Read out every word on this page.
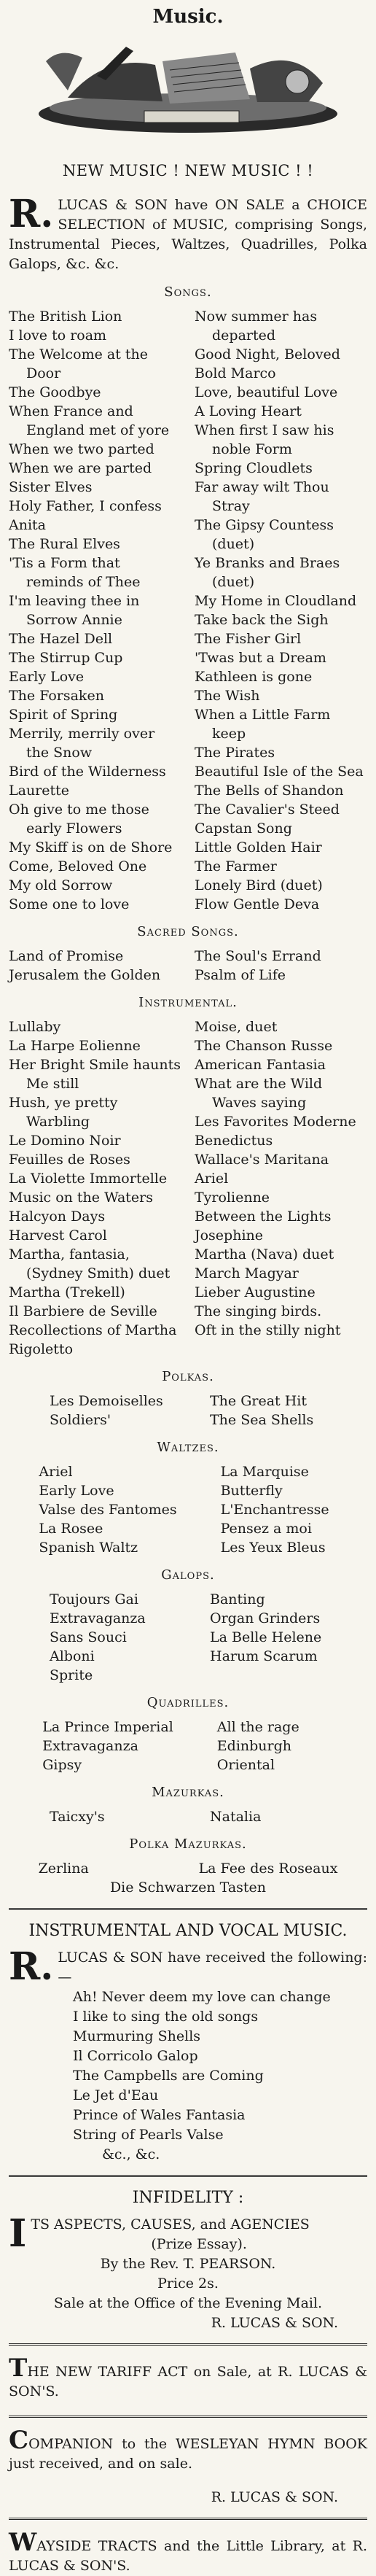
Music.
NEW MUSIC ! NEW MUSIC ! !

R. LUCAS & SON have ON SALE a CHOICE SELECTION of MUSIC, comprising Songs, Instrumental Pieces, Waltzes, Quadrilles, Polka Galops, &c. &c.

Songs.
The British Lion
I love to roam
The Welcome at the Door
The Goodbye
When France and England met of yore
When we two parted
When we are parted
Sister Elves
Holy Father, I confess
Anita
The Rural Elves
'Tis a Form that reminds of Thee
I'm leaving thee in Sorrow Annie
The Hazel Dell
The Stirrup Cup
Early Love
The Forsaken
Spirit of Spring
Merrily, merrily over the Snow
Bird of the Wilderness
Laurette
Oh give to me those early Flowers
My Skiff is on de Shore
Come, Beloved One
My old Sorrow
Some one to love
Now summer has departed
Good Night, Beloved
Bold Marco
Love, beautiful Love
A Loving Heart
When first I saw his noble Form
Spring Cloudlets
Far away wilt Thou Stray
The Gipsy Countess (duet)
Ye Branks and Braes (duet)
My Home in Cloudland
Take back the Sigh
The Fisher Girl
'Twas but a Dream
Kathleen is gone
The Wish
When a Little Farm keep
The Pirates
Beautiful Isle of the Sea
The Bells of Shandon
The Cavalier's Steed
Capstan Song
Little Golden Hair
The Farmer
Lonely Bird (duet)
Flow Gentle Deva
Sacred Songs.
Land of Promise
Jerusalem the Golden
The Soul's Errand
Psalm of Life
Instrumental.
Lullaby
La Harpe Eolienne
Her Bright Smile haunts Me still
Hush, ye pretty Warbling
Le Domino Noir
Feuilles de Roses
La Violette Immortelle
Music on the Waters
Halcyon Days
Harvest Carol
Martha, fantasia, (Sydney Smith) duet
Martha (Trekell)
Il Barbiere de Seville
Recollections of Martha
Rigoletto
Moise, duet
The Chanson Russe
American Fantasia
What are the Wild Waves saying
Les Favorites Moderne
Benedictus
Wallace's Maritana
Ariel
Tyrolienne
Between the Lights
Josephine
Martha (Nava) duet
March Magyar
Lieber Augustine
The singing birds.
Oft in the stilly night
Polkas.
Les Demoiselles
Soldiers'
The Great Hit
The Sea Shells
Waltzes.
Ariel
Early Love
Valse des Fantomes
La Rosee
Spanish Waltz
La Marquise
Butterfly
L'Enchantresse
Pensez a moi
Les Yeux Bleus
Galops.
Toujours Gai
Extravaganza
Sans Souci
Alboni
Sprite
Banting
Organ Grinders
La Belle Helene
Harum Scarum
Quadrilles.
La Prince Imperial
Extravaganza
Gipsy
All the rage
Edinburgh
Oriental
Mazurkas.
Taicxy's	Natalia
Polka Mazurkas.
Zerlina	La Fee des Roseaux
Die Schwarzen Tasten
INSTRUMENTAL AND VOCAL MUSIC.

R. LUCAS & SON have received the following:—

Ah! Never deem my love can change
I like to sing the old songs
Murmuring Shells
Il Corricolo Galop
The Campbells are Coming
Le Jet d'Eau
Prince of Wales Fantasia
String of Pearls Valse
&c., &c.
INFIDELITY :

ITS ASPECTS, CAUSES, and AGENCIES

(Prize Essay).
By the Rev. T. PEARSON.
Price 2s.
Sale at the Office of the Evening Mail.
R. LUCAS & SON.

THE NEW TARIFF ACT on Sale, at R. LUCAS & SON'S.

COMPANION to the WESLEYAN HYMN BOOK just received, and on sale.

R. LUCAS & SON.

WAYSIDE TRACTS and the Little Library, at R. LUCAS & SON'S.
